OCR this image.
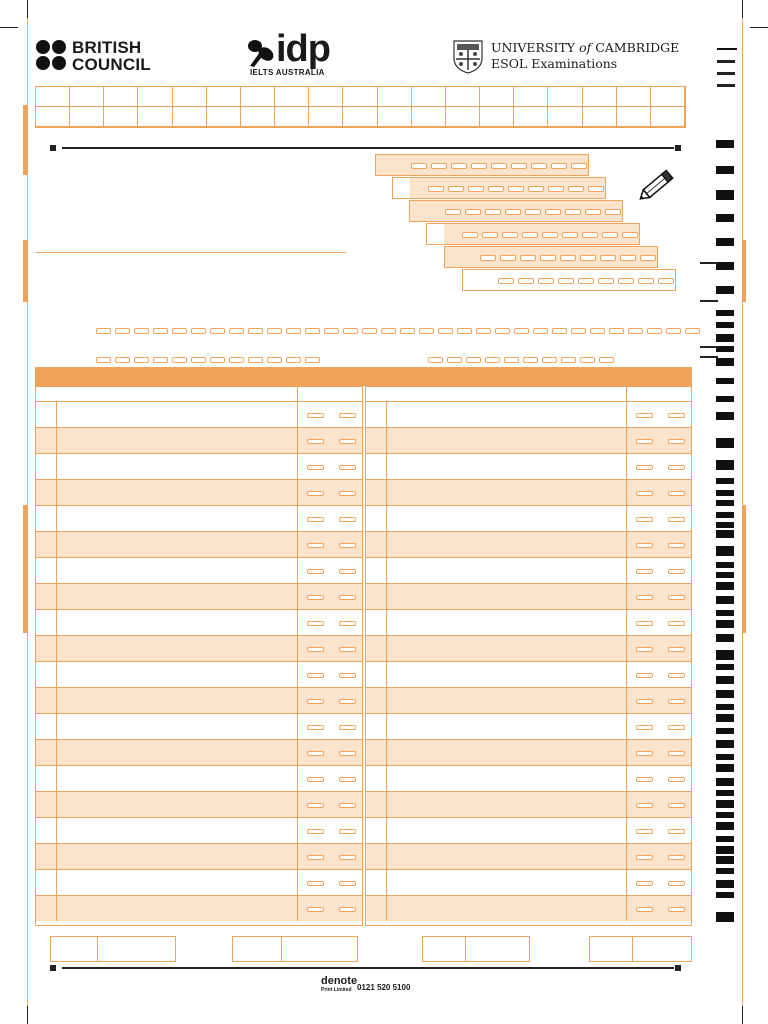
BRITISH
COUNCIL	idp
IELTS AUSTRALIA
UNIVERSITY of CAMBRIDGE
ESOL Examinations
denote
Print Limited 0121 520 5100
